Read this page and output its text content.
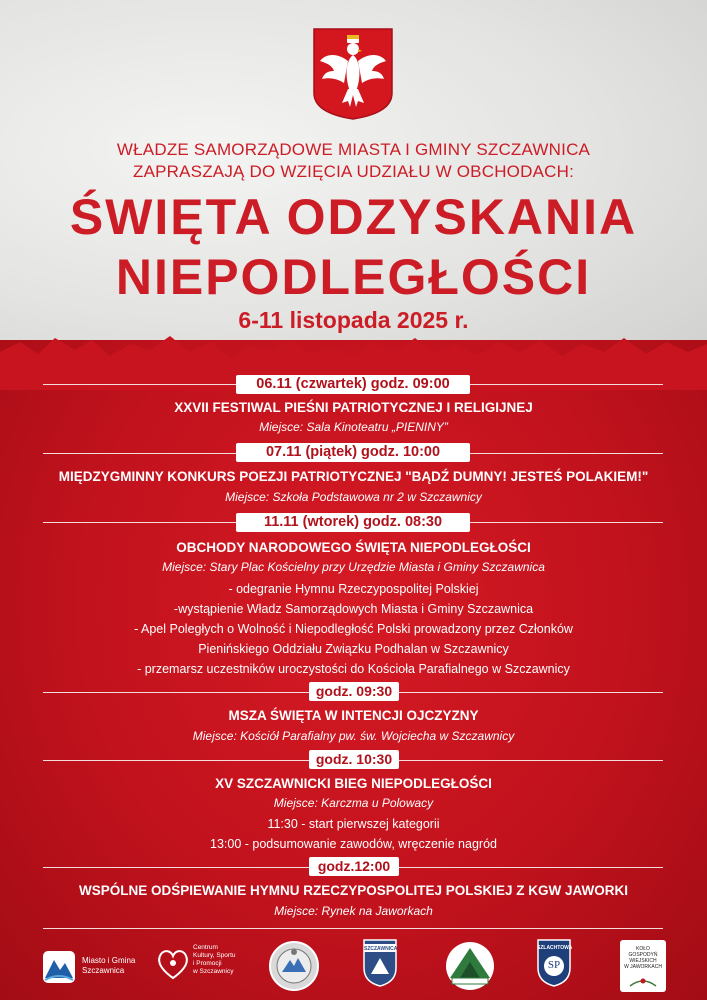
WŁADZE SAMORZĄDOWE MIASTA I GMINY SZCZAWNICA
ZAPRASZAJĄ DO WZIĘCIA UDZIAŁU W OBCHODACH:
ŚWIĘTA ODZYSKANIA
NIEPODLEGŁOŚCI
6-11 listopada 2025 r.
06.11 (czwartek) godz. 09:00
XXVII FESTIWAL PIEŚNI PATRIOTYCZNEJ I RELIGIJNEJ
Miejsce: Sala Kinoteatru „PIENINY”
07.11 (piątek) godz. 10:00
MIĘDZYGMINNY KONKURS POEZJI PATRIOTYCZNEJ "BĄDŹ DUMNY! JESTEŚ POLAKIEM!"
Miejsce: Szkoła Podstawowa nr 2 w Szczawnicy
11.11 (wtorek) godz. 08:30
OBCHODY NARODOWEGO ŚWIĘTA NIEPODLEGŁOŚCI
Miejsce: Stary Plac Kościelny przy Urzędzie Miasta i Gminy Szczawnica
- odegranie Hymnu Rzeczypospolitej Polskiej
-wystąpienie Władz Samorządowych Miasta i Gminy Szczawnica
- Apel Poległych o Wolność i Niepodległość Polski prowadzony przez Członków
Pienińskiego Oddziału Związku Podhalan w Szczawnicy
- przemarsz uczestników uroczystości do Kościoła Parafialnego w Szczawnicy
godz. 09:30
MSZA ŚWIĘTA W INTENCJI OJCZYZNY
Miejsce: Kościół Parafialny pw. św. Wojciecha w Szczawnicy
godz. 10:30
XV SZCZAWNICKI BIEG NIEPODLEGŁOŚCI
Miejsce: Karczma u Polowacy
11:30 - start pierwszej kategorii
13:00 - podsumowanie zawodów, wręczenie nagród
godz.12:00
WSPÓLNE ODŚPIEWANIE HYMNU RZECZYPOSPOLITEJ POLSKIEJ Z KGW JAWORKI
Miejsce: Rynek na Jaworkach
Miasto i Gmina
Szczawnica
Centrum
Kultury, Sportu
i Promocji
w Szczawnicy
SZCZAWNICA	SZLACHTOWA
SP
KOŁO
GOSPODYŃ
WIEJSKICH
W JAWORKACH
